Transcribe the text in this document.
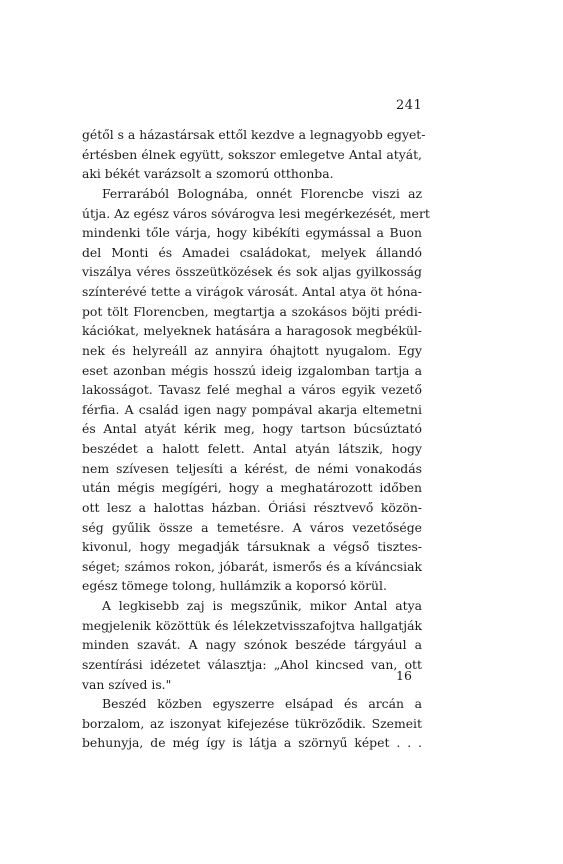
241
gétől s a házastársak ettől kezdve a legnagyobb egyet-
értésben élnek együtt, sokszor emlegetve Antal atyát,
aki békét varázsolt a szomorú otthonba.
Ferrarából Bolognába, onnét Florencbe viszi az
útja. Az egész város sóvárogva lesi megérkezését, mert
mindenki tőle várja, hogy kibékíti egymással a Buon
del Monti és Amadei családokat, melyek állandó
viszálya véres összeütközések és sok aljas gyilkosság
színterévé tette a virágok városát. Antal atya öt hóna-
pot tölt Florencben, megtartja a szokásos böjti prédi-
kációkat, melyeknek hatására a haragosok megbékül-
nek és helyreáll az annyira óhajtott nyugalom. Egy
eset azonban mégis hosszú ideig izgalomban tartja a
lakosságot. Tavasz felé meghal a város egyik vezető
férfia. A család igen nagy pompával akarja eltemetni
és Antal atyát kérik meg, hogy tartson búcsúztató
beszédet a halott felett. Antal atyán látszik, hogy
nem szívesen teljesíti a kérést, de némi vonakodás
után mégis megígéri, hogy a meghatározott időben
ott lesz a halottas házban. Óriási résztvevő közön-
ség gyűlik össze a temetésre. A város vezetősége
kivonul, hogy megadják társuknak a végső tisztes-
séget; számos rokon, jóbarát, ismerős és a kíváncsiak
egész tömege tolong, hullámzik a koporsó körül.
A legkisebb zaj is megszűnik, mikor Antal atya
megjelenik közöttük és lélekzetvisszafojtva hallgatják
minden szavát. A nagy szónok beszéde tárgyául a
szentírási idézetet választja: „Ahol kincsed van, ott
van szíved is."
Beszéd közben egyszerre elsápad és arcán a
borzalom, az iszonyat kifejezése tükröződik. Szemeit
behunyja, de még így is látja a szörnyű képet . . .
16
